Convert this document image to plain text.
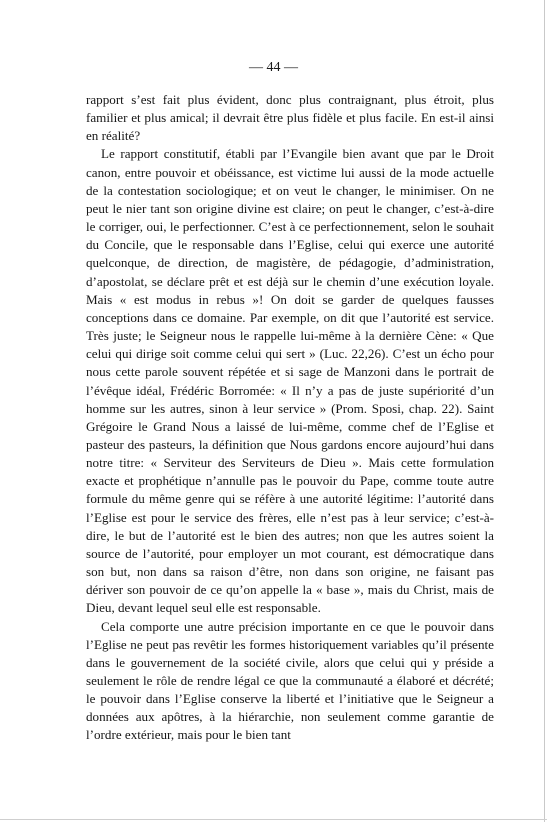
— 44 —

rapport s’est fait plus évident, donc plus contraignant, plus étroit, plus familier et plus amical; il devrait être plus fidèle et plus facile. En est-il ainsi en réalité?

Le rapport constitutif, établi par l’Evangile bien avant que par le Droit canon, entre pouvoir et obéissance, est victime lui aussi de la mode actuelle de la contestation sociologique; et on veut le changer, le minimiser. On ne peut le nier tant son origine divine est claire; on peut le changer, c’est-à-dire le corriger, oui, le perfectionner. C’est à ce perfectionnement, selon le souhait du Concile, que le responsable dans l’Eglise, celui qui exerce une autorité quelconque, de direction, de magistère, de pédagogie, d’administration, d’apostolat, se déclare prêt et est déjà sur le chemin d’une exécution loyale. Mais « est modus in rebus »! On doit se garder de quelques fausses conceptions dans ce domaine. Par exemple, on dit que l’autorité est service. Très juste; le Seigneur nous le rappelle lui-même à la dernière Cène: « Que celui qui dirige soit comme celui qui sert » (Luc. 22,26). C’est un écho pour nous cette parole souvent répétée et si sage de Manzoni dans le portrait de l’évêque idéal, Frédéric Borromée: « Il n’y a pas de juste supériorité d’un homme sur les autres, sinon à leur service » (Prom. Sposi, chap. 22). Saint Grégoire le Grand Nous a laissé de lui-même, comme chef de l’Eglise et pasteur des pasteurs, la définition que Nous gardons encore aujourd’hui dans notre titre: « Serviteur des Serviteurs de Dieu ». Mais cette formulation exacte et prophétique n’annulle pas le pouvoir du Pape, comme toute autre formule du même genre qui se réfère à une autorité légitime: l’autorité dans l’Eglise est pour le service des frères, elle n’est pas à leur service; c’est-à-dire, le but de l’autorité est le bien des autres; non que les autres soient la source de l’autorité, pour employer un mot courant, est démocratique dans son but, non dans sa raison d’être, non dans son origine, ne faisant pas dériver son pouvoir de ce qu’on appelle la « base », mais du Christ, mais de Dieu, devant lequel seul elle est responsable.

Cela comporte une autre précision importante en ce que le pouvoir dans l’Eglise ne peut pas revêtir les formes historiquement variables qu’il présente dans le gouvernement de la société civile, alors que celui qui y préside a seulement le rôle de rendre légal ce que la communauté a élaboré et décrété; le pouvoir dans l’Eglise conserve la liberté et l’initiative que le Seigneur a données aux apôtres, à la hiérarchie, non seulement comme garantie de l’ordre extérieur, mais pour le bien tant
